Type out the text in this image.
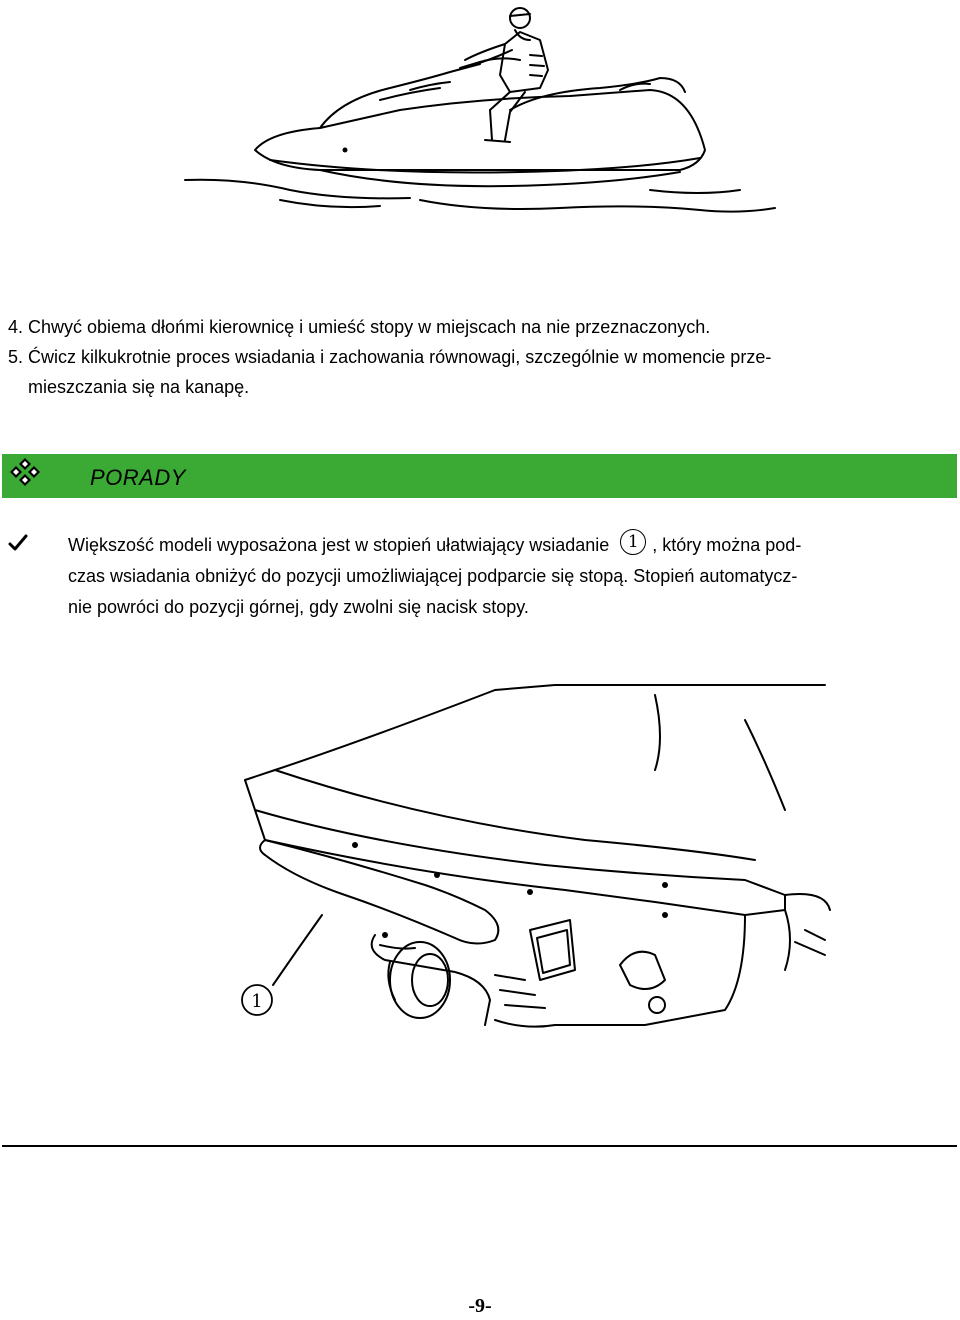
4. Chwyć obiema dłońmi kierownicę i umieść stopy w miejscach na nie przeznaczonych.
5. Ćwicz kilkukrotnie proces wsiadania i zachowania równowagi, szczególnie w momencie prze-
mieszczania się na kanapę.
PORADY
Większość modeli wyposażona jest w stopień ułatwiający wsiadanie 1 , który można pod-
czas wsiadania obniżyć do pozycji umożliwiającej podparcie się stopą. Stopień automatycz-
nie powróci do pozycji górnej, gdy zwolni się nacisk stopy.
1
-9-
